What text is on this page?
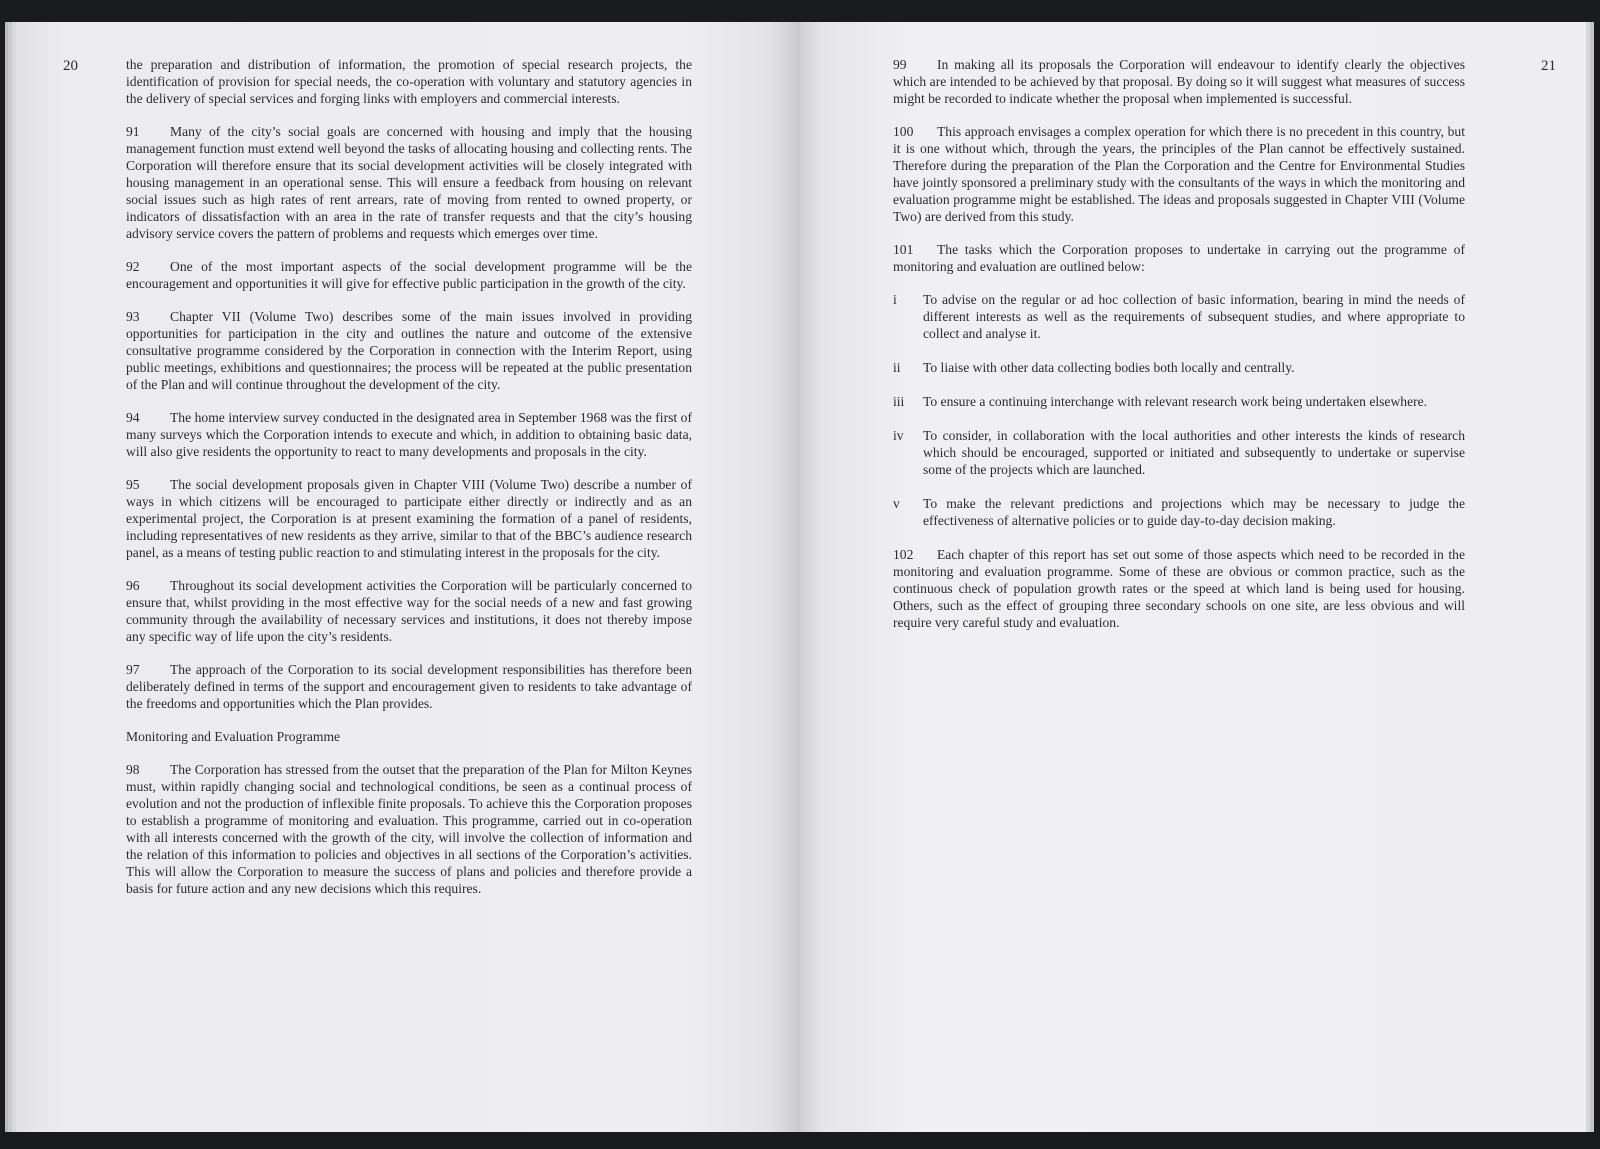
20	the preparation and distribution of information, the promotion of special research projects, the identification of provision for special needs, the co-operation with voluntary and statutory agencies in the delivery of special services and forging links with employers and commercial interests.

91 Many of the city’s social goals are concerned with housing and imply that the housing management function must extend well beyond the tasks of allocating housing and collecting rents. The Corporation will therefore ensure that its social development activities will be closely integrated with housing management in an operational sense. This will ensure a feedback from housing on relevant social issues such as high rates of rent arrears, rate of moving from rented to owned property, or indicators of dissatisfaction with an area in the rate of transfer requests and that the city’s housing advisory service covers the pattern of problems and requests which emerges over time.

92 One of the most important aspects of the social development programme will be the encouragement and opportunities it will give for effective public participation in the growth of the city.

93 Chapter VII (Volume Two) describes some of the main issues involved in providing opportunities for participation in the city and outlines the nature and outcome of the extensive consultative programme considered by the Corporation in connection with the Interim Report, using public meetings, exhibitions and questionnaires; the process will be repeated at the public presentation of the Plan and will continue throughout the development of the city.

94 The home interview survey conducted in the designated area in September 1968 was the first of many surveys which the Corporation intends to execute and which, in addition to obtaining basic data, will also give residents the opportunity to react to many developments and proposals in the city.

95 The social development proposals given in Chapter VIII (Volume Two) describe a number of ways in which citizens will be encouraged to participate either directly or indirectly and as an experimental project, the Corporation is at present examining the formation of a panel of residents, including representatives of new residents as they arrive, similar to that of the BBC’s audience research panel, as a means of testing public reaction to and stimulating interest in the proposals for the city.

96 Throughout its social development activities the Corporation will be particularly concerned to ensure that, whilst providing in the most effective way for the social needs of a new and fast growing community through the availability of necessary services and institutions, it does not thereby impose any specific way of life upon the city’s residents.

97 The approach of the Corporation to its social development responsibilities has therefore been deliberately defined in terms of the support and encouragement given to residents to take advantage of the freedoms and opportunities which the Plan provides.

Monitoring and Evaluation Programme

98 The Corporation has stressed from the outset that the preparation of the Plan for Milton Keynes must, within rapidly changing social and technological conditions, be seen as a continual process of evolution and not the production of inflexible finite proposals. To achieve this the Corporation proposes to establish a programme of monitoring and evaluation. This programme, carried out in co-operation with all interests concerned with the growth of the city, will involve the collection of information and the relation of this information to policies and objectives in all sections of the Corporation’s activities. This will allow the Corporation to measure the success of plans and policies and therefore provide a basis for future action and any new decisions which this requires.

21

99 In making all its proposals the Corporation will endeavour to identify clearly the objectives which are intended to be achieved by that proposal. By doing so it will suggest what measures of success might be recorded to indicate whether the proposal when implemented is successful.

100 This approach envisages a complex operation for which there is no precedent in this country, but it is one without which, through the years, the principles of the Plan cannot be effectively sustained. Therefore during the preparation of the Plan the Corporation and the Centre for Environmental Studies have jointly sponsored a preliminary study with the consultants of the ways in which the monitoring and evaluation programme might be established. The ideas and proposals suggested in Chapter VIII (Volume Two) are derived from this study.

101 The tasks which the Corporation proposes to undertake in carrying out the programme of monitoring and evaluation are outlined below:

i	To advise on the regular or ad hoc collection of basic information, bearing in mind the needs of different interests as well as the requirements of subsequent studies, and where appropriate to collect and analyse it.
ii	To liaise with other data collecting bodies both locally and centrally.
iii	To ensure a continuing interchange with relevant research work being undertaken elsewhere.
iv	To consider, in collaboration with the local authorities and other interests the kinds of research which should be encouraged, supported or initiated and subsequently to undertake or supervise some of the projects which are launched.
v	To make the relevant predictions and projections which may be necessary to judge the effectiveness of alternative policies or to guide day-to-day decision making.

102 Each chapter of this report has set out some of those aspects which need to be recorded in the monitoring and evaluation programme. Some of these are obvious or common practice, such as the continuous check of population growth rates or the speed at which land is being used for housing. Others, such as the effect of grouping three secondary schools on one site, are less obvious and will require very careful study and evaluation.
